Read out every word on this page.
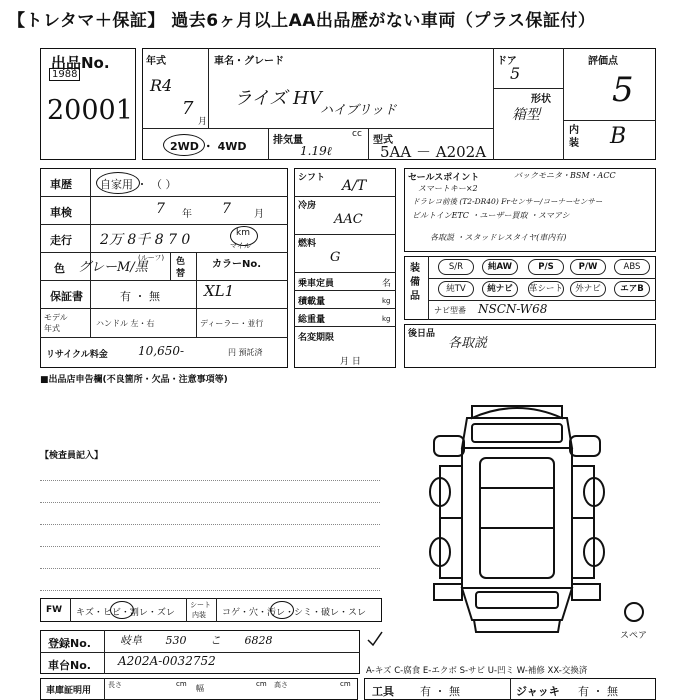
【トレタマ＋保証】 過去6ヶ月以上AA出品歴がない車両（プラス保証付）
出品No.
1988
20001
年式
R4
7
月
車名・グレード
ライズ HV
ハイブリッド
ドア
5
形状
箱型
評価点
5
内装 B
2WD ・ 4WD	排気量
cc
1.19ℓ
型式
5AA － A202A
車歴	自家用 ・ （ ）
車検	7 年 7 月
走行 2万 8千 8 7 0	km
マイル
色 グレーM/黒
(ルーフ) 色替
カラーNo.
XL1
保証書	有 ・ 無
モデル
年式
ハンドル 左・右	ディーラー・並行
リサイクル料金	10,650-	円 預託済
シフト A/T
冷房
AAC
燃料
G
乗車定員	名
積載量	kg
総重量	kg
名変期限
月 日
セールスポイント	バックモニタ・BSM・ACC
スマートキー×2
ドラレコ前後 (T2-DR40) Frセンサー/コーナーセンサー
ビルトインETC ・ユーザー買取 ・スマアシ
各取説 ・スタッドレスタイヤ(車内有)
装備品
S/R	純AW	P/S	P/W	ABS
純TV	純ナビ	革シート	外ナビ	エアB
ナビ型番 NSCN-W68
後日品
各取説
■出品店申告欄(不良箇所・欠品・注意事項等)
【検査員記入】
スペア
FW キズ・ヒビ・割レ・ズレ
シート
内装 コゲ・穴・汚レ・シミ・破レ・スレ
登録No.	岐阜 530 こ 6828
車台No. A202A-0032752
A-キズ C-腐食 E-エクボ S-サビ U-凹ミ W-補修 XX-交換済
車庫証明用
長さ	cm 幅	cm 高さ	cm
工具 有 ・ 無	ジャッキ 有 ・ 無
